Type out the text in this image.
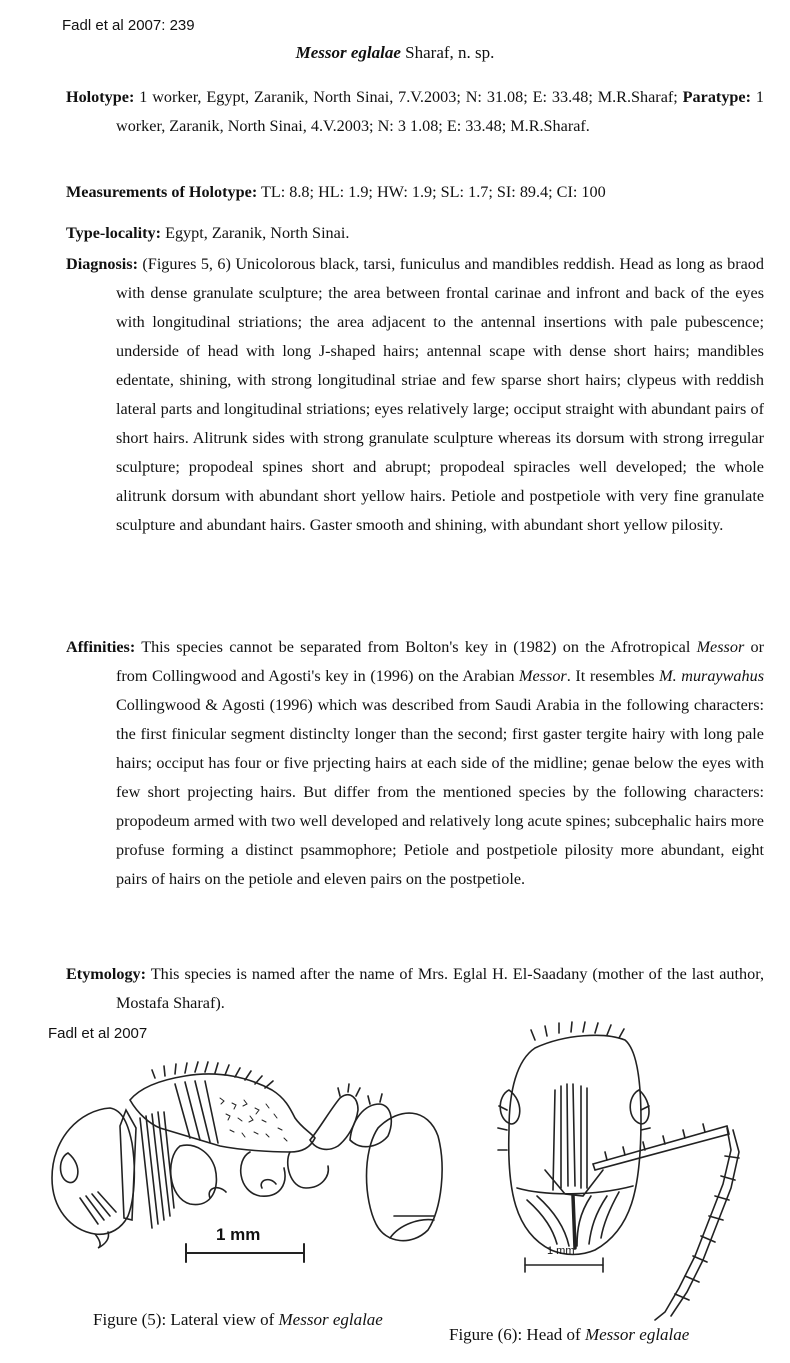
Fadl et al 2007: 239
Messor eglalae Sharaf, n. sp.
Holotype: 1 worker, Egypt, Zaranik, North Sinai, 7.V.2003; N: 31.08; E: 33.48; M.R.Sharaf; Paratype: 1 worker, Zaranik, North Sinai, 4.V.2003; N: 3 1.08; E: 33.48; M.R.Sharaf.
Measurements of Holotype: TL: 8.8; HL: 1.9; HW: 1.9; SL: 1.7; SI: 89.4; CI: 100
Type-locality: Egypt, Zaranik, North Sinai.
Diagnosis: (Figures 5, 6) Unicolorous black, tarsi, funiculus and mandibles reddish. Head as long as braod with dense granulate sculpture; the area between frontal carinae and infront and back of the eyes with longitudinal striations; the area adjacent to the antennal insertions with pale pubescence; underside of head with long J-shaped hairs; antennal scape with dense short hairs; mandibles edentate, shining, with strong longitudinal striae and few sparse short hairs; clypeus with reddish lateral parts and longitudinal striations; eyes relatively large; occiput straight with abundant pairs of short hairs. Alitrunk sides with strong granulate sculpture whereas its dorsum with strong irregular sculpture; propodeal spines short and abrupt; propodeal spiracles well developed; the whole alitrunk dorsum with abundant short yellow hairs. Petiole and postpetiole with very fine granulate sculpture and abundant hairs. Gaster smooth and shining, with abundant short yellow pilosity.
Affinities: This species cannot be separated from Bolton's key in (1982) on the Afrotropical Messor or from Collingwood and Agosti's key in (1996) on the Arabian Messor. It resembles M. muraywahus Collingwood & Agosti (1996) which was described from Saudi Arabia in the following characters: the first finicular segment distinclty longer than the second; first gaster tergite hairy with long pale hairs; occiput has four or five prjecting hairs at each side of the midline; genae below the eyes with few short projecting hairs. But differ from the mentioned species by the following characters: propodeum armed with two well developed and relatively long acute spines; subcephalic hairs more profuse forming a distinct psammophore; Petiole and postpetiole pilosity more abundant, eight pairs of hairs on the petiole and eleven pairs on the postpetiole.
Etymology: This species is named after the name of Mrs. Eglal H. El-Saadany (mother of the last author, Mostafa Sharaf).
Fadl et al 2007
1 mm
1 mm
Figure (5): Lateral view of Messor eglalae
Figure (6): Head of Messor eglalae
